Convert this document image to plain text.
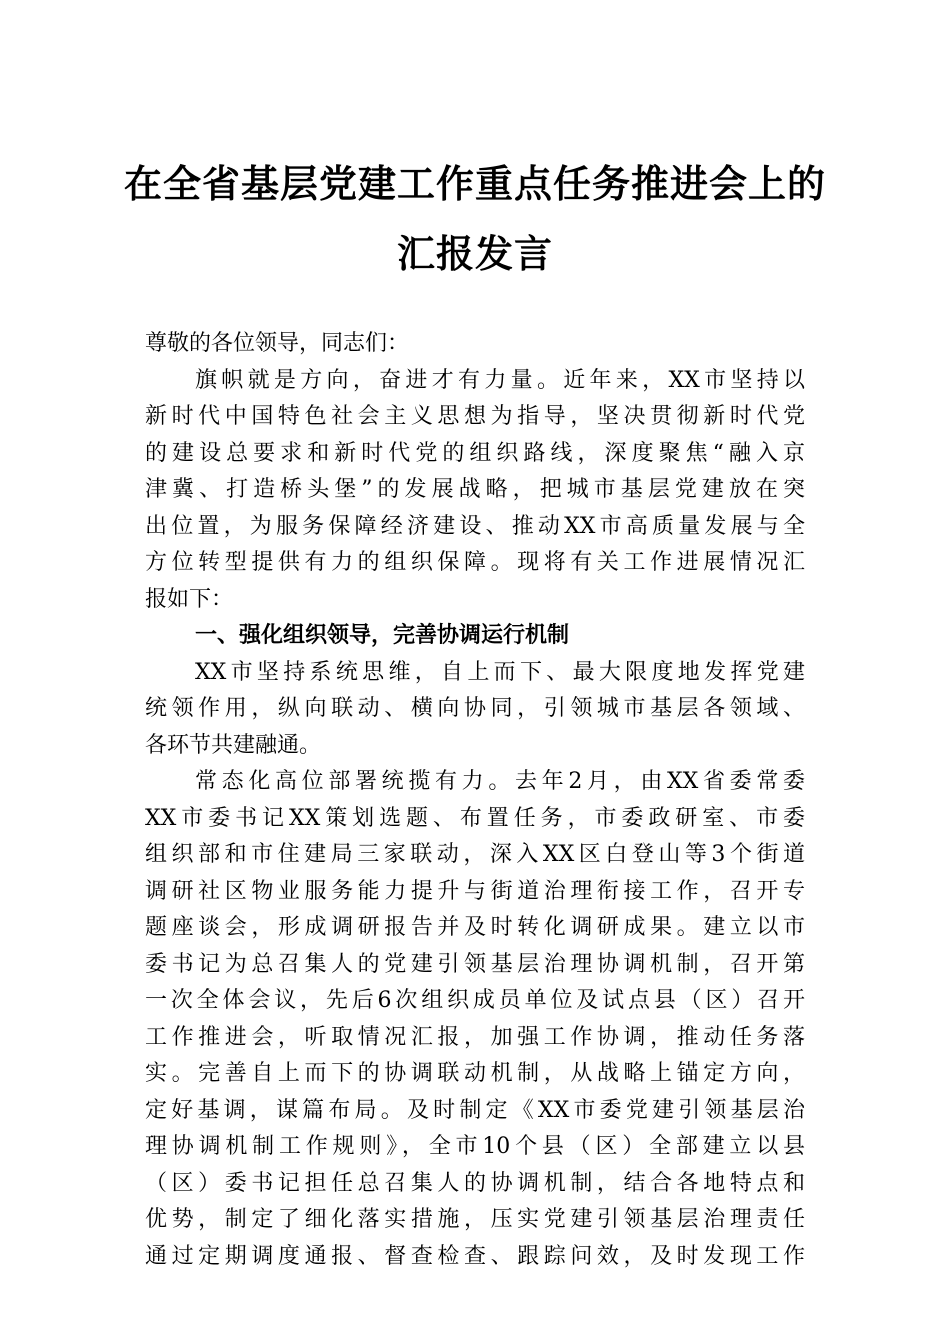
在全省基层党建工作重点任务推进会上的
汇报发言
尊敬的各位领导，同志们：
旗帜就是方向，奋进才有力量。近年来，XX市坚持以
新时代中国特色社会主义思想为指导，坚决贯彻新时代党
的建设总要求和新时代党的组织路线，深度聚焦“融入京
津冀、打造桥头堡”的发展战略，把城市基层党建放在突
出位置，为服务保障经济建设、推动XX市高质量发展与全
方位转型提供有力的组织保障。现将有关工作进展情况汇
报如下：
一、强化组织领导，完善协调运行机制
XX市坚持系统思维，自上而下、最大限度地发挥党建
统领作用，纵向联动、横向协同，引领城市基层各领域、
各环节共建融通。
常态化高位部署统揽有力。去年2月，由XX省委常委
XX市委书记XX策划选题、布置任务，市委政研室、市委
组织部和市住建局三家联动，深入XX区白登山等3个街道
调研社区物业服务能力提升与街道治理衔接工作，召开专
题座谈会，形成调研报告并及时转化调研成果。建立以市
委书记为总召集人的党建引领基层治理协调机制，召开第
一次全体会议，先后6次组织成员单位及试点县（区）召开
工作推进会，听取情况汇报，加强工作协调，推动任务落
实。完善自上而下的协调联动机制，从战略上锚定方向，
定好基调，谋篇布局。及时制定《XX市委党建引领基层治
理协调机制工作规则》，全市10个县（区）全部建立以县
（区）委书记担任总召集人的协调机制，结合各地特点和
优势，制定了细化落实措施，压实党建引领基层治理责任
通过定期调度通报、督查检查、跟踪问效，及时发现工作
